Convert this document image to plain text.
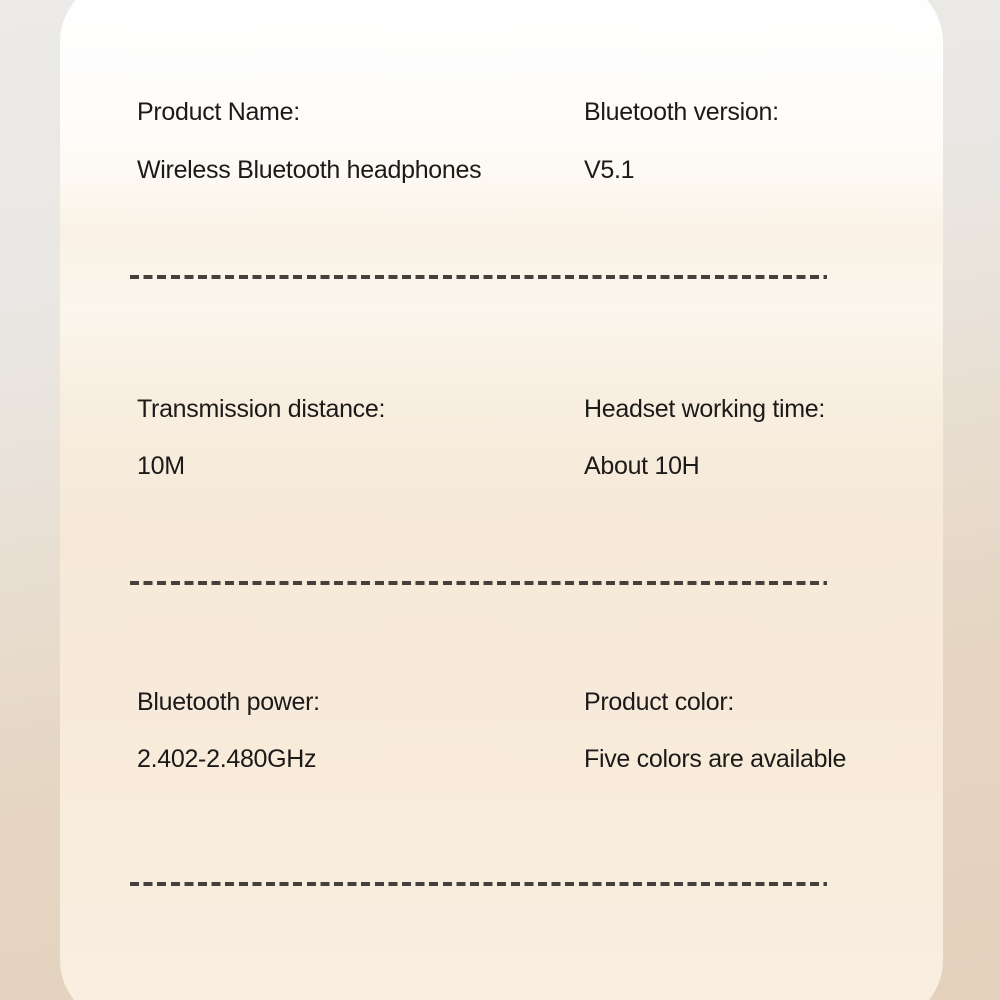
Product Name:
Wireless Bluetooth headphones
Bluetooth version:
V5.1
Transmission distance:
10M
Headset working time:
About 10H
Bluetooth power:
2.402-2.480GHz
Product color:
Five colors are available
